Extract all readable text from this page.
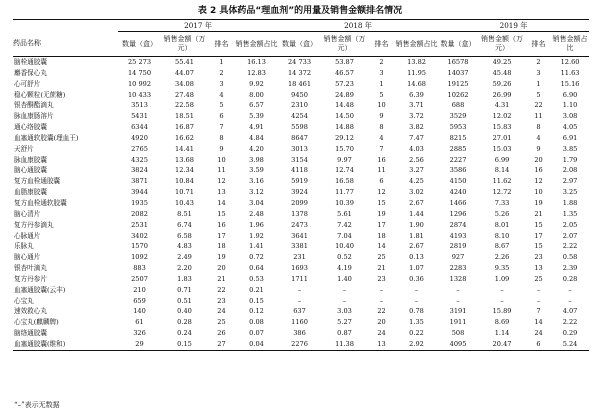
表 2 具体药品“理血剂”的用量及销售金额排名情况
	2017 年				2018 年				2019 年			
药品名称	数量（盒）	销售金额（万元）	排名	销售金额占比	数量（盒）	销售金额（万元）	排名	销售金额占比	数量（盒）	销售金额（万元）	排名	销售金额占比
脑栓通胶囊	25 273	55.41	1	16.13	24 733	53.87	2	13.82	16578	49.25	2	12.60
麝香保心丸	14 750	44.07	2	12.83	14 372	46.57	3	11.95	14037	45.48	3	11.63
心可舒片	10 992	34.08	3	9.92	18 461	57.23	1	14.68	19125	59.26	1	15.16
稳心颗粒(无蔗糖)	10 433	27.48	4	8.00	9450	24.89	5	6.39	10262	26.99	5	6.90
银杏酮酯滴丸	3513	22.58	5	6.57	2310	14.48	10	3.71	688	4.31	22	1.10
脉血康肠溶片	5431	18.51	6	5.39	4254	14.50	9	3.72	3529	12.02	11	3.08
通心络胶囊	6344	16.87	7	4.91	5598	14.88	8	3.82	5953	15.83	8	4.05
血塞通软胶囊(理血王)	4920	16.62	8	4.84	8647	29.12	4	7.47	8215	27.01	4	6.91
天舒片	2765	14.41	9	4.20	3013	15.70	7	4.03	2885	15.03	9	3.85
脉血康胶囊	4325	13.68	10	3.98	3154	9.97	16	2.56	2227	6.99	20	1.79
脑心通胶囊	3824	12.34	11	3.59	4118	12.74	11	3.27	3586	8.14	16	2.08
复方血栓通胶囊	3871	10.84	12	3.16	5919	16.58	6	4.25	4150	11.62	12	2.97
血脂康胶囊	3944	10.71	13	3.12	3924	11.77	12	3.02	4240	12.72	10	3.25
复方血栓通软胶囊	1935	10.43	14	3.04	2099	10.39	15	2.67	1466	7.33	19	1.88
脑心清片	2082	8.51	15	2.48	1378	5.61	19	1.44	1296	5.26	21	1.35
复方丹参滴丸	2531	6.74	16	1.96	2473	7.42	17	1.90	2874	8.01	15	2.05
心脉通片	3402	6.58	17	1.92	3641	7.04	18	1.81	4193	8.10	17	2.07
乐脉丸	1570	4.83	18	1.41	3381	10.40	14	2.67	2819	8.67	15	2.22
脑心通片	1092	2.49	19	0.72	231	0.52	25	0.13	927	2.26	23	0.58
银杏叶滴丸	883	2.20	20	0.64	1693	4.19	21	1.07	2283	9.35	13	2.39
复方丹参片	2507	1.83	21	0.53	1711	1.40	23	0.36	1328	1.09	25	0.28
血塞通胶囊(云丰)	210	0.71	22	0.21	–	–	–	–	–	–	–	–
心宝丸	659	0.51	23	0.15	–	–	–	–	–	–	–	–
速效救心丸	140	0.40	24	0.12	637	3.03	22	0.78	3191	15.89	7	4.07
心宝丸(麒麟牌)	61	0.28	25	0.08	1160	5.27	20	1.35	1911	8.69	14	2.22
脑络通胶囊	326	0.24	26	0.07	386	0.87	24	0.22	508	1.14	24	0.29
血塞通胶囊(维和)	29	0.15	27	0.04	2276	11.38	13	2.92	4095	20.47	6	5.24
“–”表示无数据
